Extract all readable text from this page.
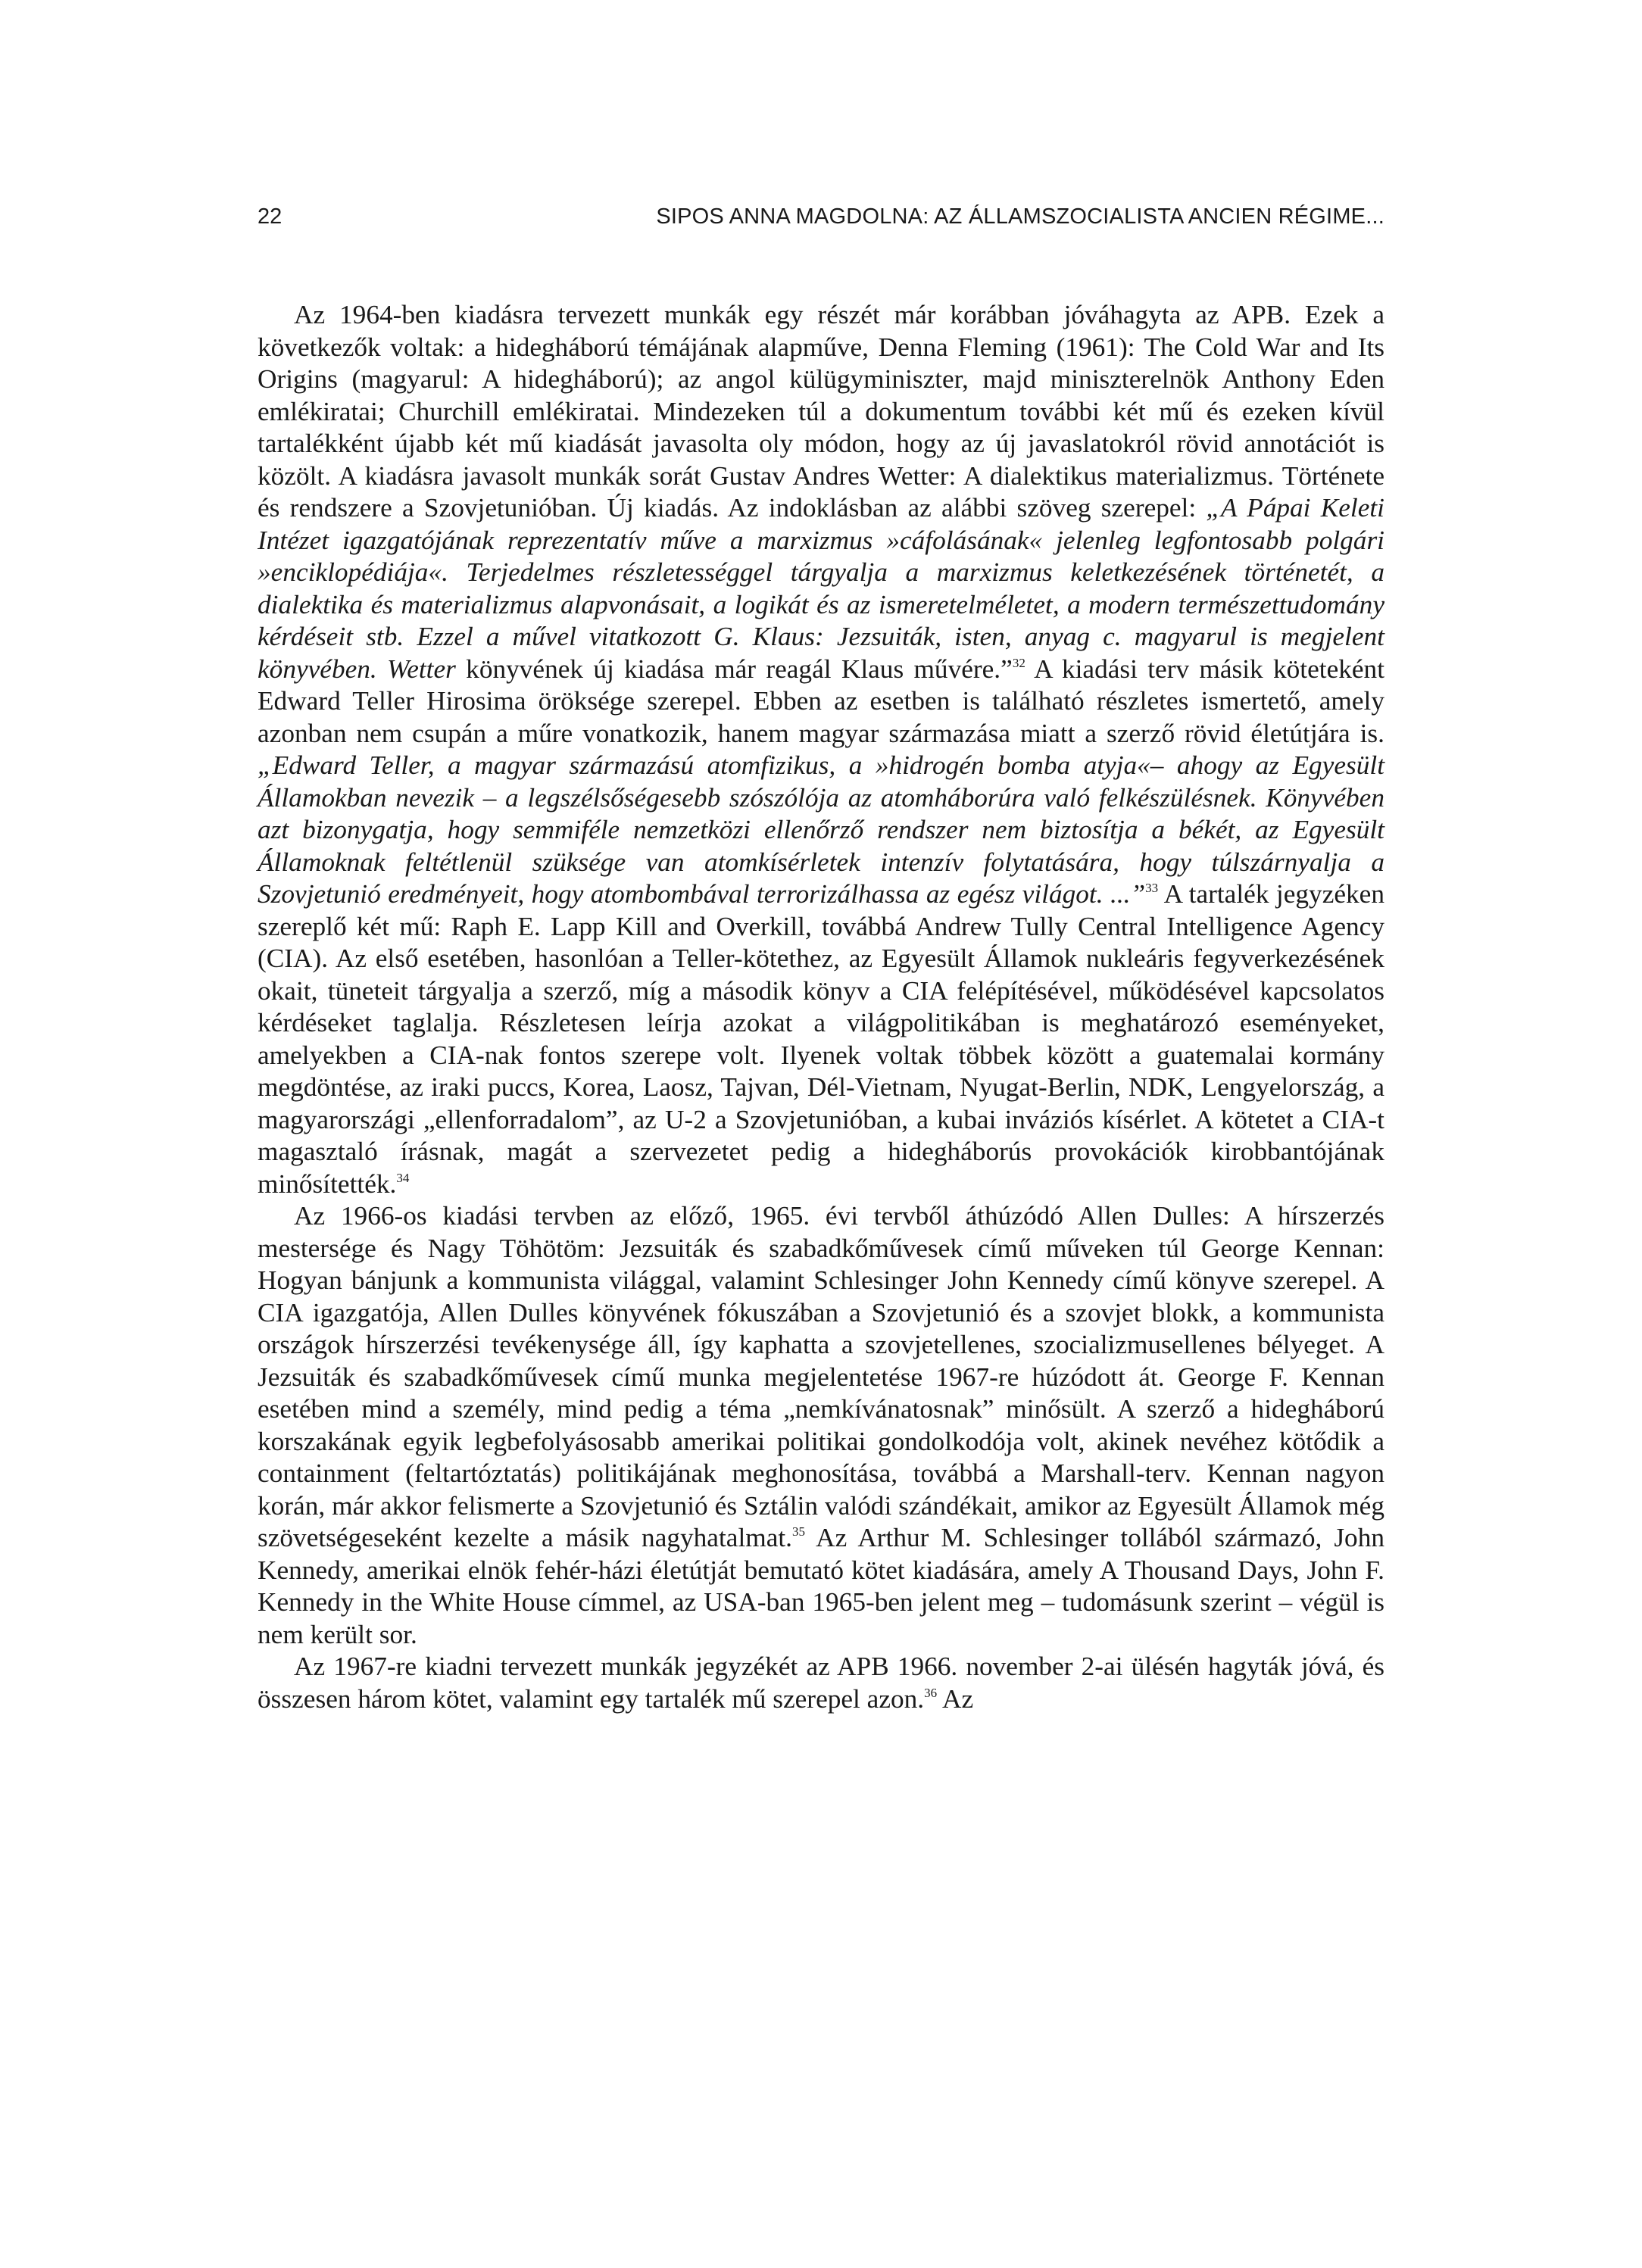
22	SIPOS ANNA MAGDOLNA: AZ ÁLLAMSZOCIALISTA ANCIEN RÉGIME...

Az 1964-ben kiadásra tervezett munkák egy részét már korábban jóváhagyta az APB. Ezek a következők voltak: a hidegháború témájának alapműve, Denna Fleming (1961): The Cold War and Its Origins (magyarul: A hidegháború); az angol külügyminiszter, majd miniszterelnök Anthony Eden emlékiratai; Churchill emlékiratai. Mindezeken túl a dokumentum további két mű és ezeken kívül tartalékként újabb két mű kiadását javasolta oly módon, hogy az új javaslatokról rövid annotációt is közölt. A kiadásra javasolt munkák sorát Gustav Andres Wetter: A dialektikus materializmus. Története és rendszere a Szovjetunióban. Új kiadás. Az indoklásban az alábbi szöveg szerepel: „A Pápai Keleti Intézet igazgatójának reprezentatív műve a marxizmus »cáfolásának« jelenleg legfontosabb polgári »enciklopédiája«. Terjedelmes részletességgel tárgyalja a marxizmus keletkezésének történetét, a dialektika és materializmus alapvonásait, a logikát és az ismeretelméletet, a modern természettudomány kérdéseit stb. Ezzel a művel vitatkozott G. Klaus: Jezsuiták, isten, anyag c. magyarul is megjelent könyvében. Wetter könyvének új kiadása már reagál Klaus művére.”$^{32}$ A kiadási terv másik köteteként Edward Teller Hirosima öröksége szerepel. Ebben az esetben is található részletes ismertető, amely azonban nem csupán a műre vonatkozik, hanem magyar származása miatt a szerző rövid életútjára is. „Edward Teller, a magyar származású atomfizikus, a »hidrogén bomba atyja«– ahogy az Egyesült Államokban nevezik – a legszélsőségesebb szószólója az atomháborúra való felkészülésnek. Könyvében azt bizonygatja, hogy semmiféle nemzetközi ellenőrző rendszer nem biztosítja a békét, az Egyesült Államoknak feltétlenül szüksége van atomkísérletek intenzív folytatására, hogy túlszárnyalja a Szovjetunió eredményeit, hogy atombombával terrorizálhassa az egész világot. ...”$^{33}$ A tartalék jegyzéken szereplő két mű: Raph E. Lapp Kill and Overkill, továbbá Andrew Tully Central Intelligence Agency (CIA). Az első esetében, hasonlóan a Teller-kötethez, az Egyesült Államok nukleáris fegyverkezésének okait, tüneteit tárgyalja a szerző, míg a második könyv a CIA felépítésével, működésével kapcsolatos kérdéseket taglalja. Részletesen leírja azokat a világpolitikában is meghatározó eseményeket, amelyekben a CIA-nak fontos szerepe volt. Ilyenek voltak többek között a guatemalai kormány megdöntése, az iraki puccs, Korea, Laosz, Tajvan, Dél-Vietnam, Nyugat-Berlin, NDK, Lengyelország, a magyarországi „ellenforradalom”, az U-2 a Szovjetunióban, a kubai inváziós kísérlet. A kötetet a CIA-t magasztaló írásnak, magát a szervezetet pedig a hidegháborús provokációk kirobbantójának minősítették.$^{34}$

Az 1966-os kiadási tervben az előző, 1965. évi tervből áthúzódó Allen Dulles: A hírszerzés mestersége és Nagy Töhötöm: Jezsuiták és szabadkőművesek című műveken túl George Kennan: Hogyan bánjunk a kommunista világgal, valamint Schlesinger John Kennedy című könyve szerepel. A CIA igazgatója, Allen Dulles könyvének fókuszában a Szovjetunió és a szovjet blokk, a kommunista országok hírszerzési tevékenysége áll, így kaphatta a szovjetellenes, szocializmusellenes bélyeget. A Jezsuiták és szabadkőművesek című munka megjelentetése 1967-re húzódott át. George F. Kennan esetében mind a személy, mind pedig a téma „nemkívánatosnak” minősült. A szerző a hidegháború korszakának egyik legbefolyásosabb amerikai politikai gondolkodója volt, akinek nevéhez kötődik a containment (feltartóztatás) politikájának meghonosítása, továbbá a Marshall-terv. Kennan nagyon korán, már akkor felismerte a Szovjetunió és Sztálin valódi szándékait, amikor az Egyesült Államok még szövetségeseként kezelte a másik nagyhatalmat.$^{35}$ Az Arthur M. Schlesinger tollából származó, John Kennedy, amerikai elnök fehér-házi életútját bemutató kötet kiadására, amely A Thousand Days, John F. Kennedy in the White House címmel, az USA-ban 1965-ben jelent meg – tudomásunk szerint – végül is nem került sor.

Az 1967-re kiadni tervezett munkák jegyzékét az APB 1966. november 2-ai ülésén hagyták jóvá, és összesen három kötet, valamint egy tartalék mű szerepel azon.$^{36}$ Az
